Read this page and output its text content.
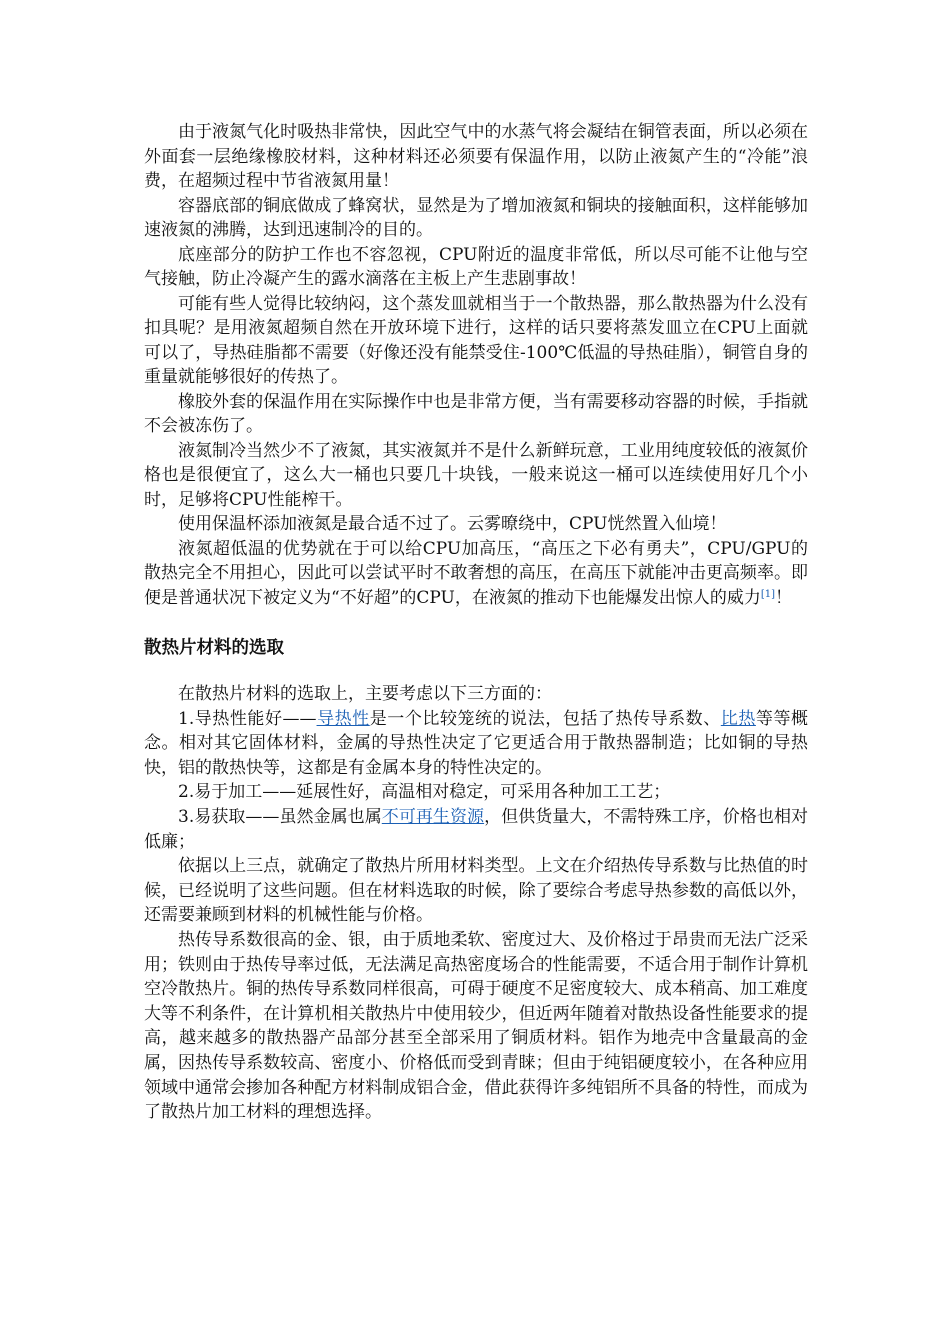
由于液氮气化时吸热非常快，因此空气中的水蒸气将会凝结在铜管表面，所以必须在外面套一层绝缘橡胶材料，这种材料还必须要有保温作用，以防止液氮产生的“冷能”浪费，在超频过程中节省液氮用量！

容器底部的铜底做成了蜂窝状，显然是为了增加液氮和铜块的接触面积，这样能够加速液氮的沸腾，达到迅速制冷的目的。

底座部分的防护工作也不容忽视，CPU附近的温度非常低，所以尽可能不让他与空气接触，防止冷凝产生的露水滴落在主板上产生悲剧事故！

可能有些人觉得比较纳闷，这个蒸发皿就相当于一个散热器，那么散热器为什么没有扣具呢？是用液氮超频自然在开放环境下进行，这样的话只要将蒸发皿立在CPU上面就可以了，导热硅脂都不需要（好像还没有能禁受住-100℃低温的导热硅脂），铜管自身的重量就能够很好的传热了。

橡胶外套的保温作用在实际操作中也是非常方便，当有需要移动容器的时候，手指就不会被冻伤了。

液氮制冷当然少不了液氮，其实液氮并不是什么新鲜玩意，工业用纯度较低的液氮价格也是很便宜了，这么大一桶也只要几十块钱，一般来说这一桶可以连续使用好几个小时，足够将CPU性能榨干。

使用保温杯添加液氮是最合适不过了。云雾暸绕中，CPU恍然置入仙境！

液氮超低温的优势就在于可以给CPU加高压，“高压之下必有勇夫”，CPU/GPU的散热完全不用担心，因此可以尝试平时不敢奢想的高压，在高压下就能冲击更高频率。即便是普通状况下被定义为“不好超”的CPU，在液氮的推动下也能爆发出惊人的威力[1]！

散热片材料的选取

在散热片材料的选取上，主要考虑以下三方面的：

1.导热性能好——导热性是一个比较笼统的说法，包括了热传导系数、比热等等概念。相对其它固体材料，金属的导热性决定了它更适合用于散热器制造；比如铜的导热快，铝的散热快等，这都是有金属本身的特性决定的。

2.易于加工——延展性好，高温相对稳定，可采用各种加工工艺；

3.易获取——虽然金属也属不可再生资源，但供货量大，不需特殊工序，价格也相对低廉；

依据以上三点，就确定了散热片所用材料类型。上文在介绍热传导系数与比热值的时候，已经说明了这些问题。但在材料选取的时候，除了要综合考虑导热参数的高低以外，还需要兼顾到材料的机械性能与价格。

热传导系数很高的金、银，由于质地柔软、密度过大、及价格过于昂贵而无法广泛采用；铁则由于热传导率过低，无法满足高热密度场合的性能需要，不适合用于制作计算机空冷散热片。铜的热传导系数同样很高，可碍于硬度不足密度较大、成本稍高、加工难度大等不利条件，在计算机相关散热片中使用较少，但近两年随着对散热设备性能要求的提高，越来越多的散热器产品部分甚至全部采用了铜质材料。铝作为地壳中含量最高的金属，因热传导系数较高、密度小、价格低而受到青睐；但由于纯铝硬度较小，在各种应用领域中通常会掺加各种配方材料制成铝合金，借此获得许多纯铝所不具备的特性，而成为了散热片加工材料的理想选择。
